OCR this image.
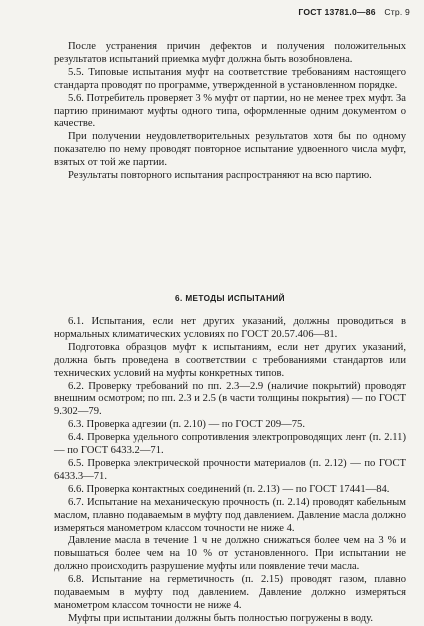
ГОСТ 13781.0—86 Стр. 9

После устранения причин дефектов и получения положительных результатов испытаний приемка муфт должна быть возобновлена.

5.5. Типовые испытания муфт на соответствие требованиям настоящего стандарта проводят по программе, утвержденной в установленном порядке.

5.6. Потребитель проверяет 3 % муфт от партии, но не менее трех муфт. За партию принимают муфты одного типа, оформленные одним документом о качестве.

При получении неудовлетворительных результатов хотя бы по одному показателю по нему проводят повторное испытание удвоенного числа муфт, взятых от той же партии.

Результаты повторного испытания распространяют на всю партию.

6. МЕТОДЫ ИСПЫТАНИЙ

6.1. Испытания, если нет других указаний, должны проводиться в нормальных климатических условиях по ГОСТ 20.57.406—81.

Подготовка образцов муфт к испытаниям, если нет других указаний, должна быть проведена в соответствии с требованиями стандартов или технических условий на муфты конкретных типов.

6.2. Проверку требований по пп. 2.3—2.9 (наличие покрытий) проводят внешним осмотром; по пп. 2.3 и 2.5 (в части толщины покрытия) — по ГОСТ 9.302—79.

6.3. Проверка адгезии (п. 2.10) — по ГОСТ 209—75.

6.4. Проверка удельного сопротивления электропроводящих лент (п. 2.11) — по ГОСТ 6433.2—71.

6.5. Проверка электрической прочности материалов (п. 2.12) — по ГОСТ 6433.3—71.

6.6. Проверка контактных соединений (п. 2.13) — по ГОСТ 17441—84.

6.7. Испытание на механическую прочность (п. 2.14) проводят кабельным маслом, плавно подаваемым в муфту под давлением. Давление масла должно измеряться манометром классом точности не ниже 4.

Давление масла в течение 1 ч не должно снижаться более чем на 3 % и повышаться более чем на 10 % от установленного. При испытании не должно происходить разрушение муфты или появление течи масла.

6.8. Испытание на герметичность (п. 2.15) проводят газом, плавно подаваемым в муфту под давлением. Давление должно измеряться манометром классом точности не ниже 4.

Муфты при испытании должны быть полностью погружены в воду.
